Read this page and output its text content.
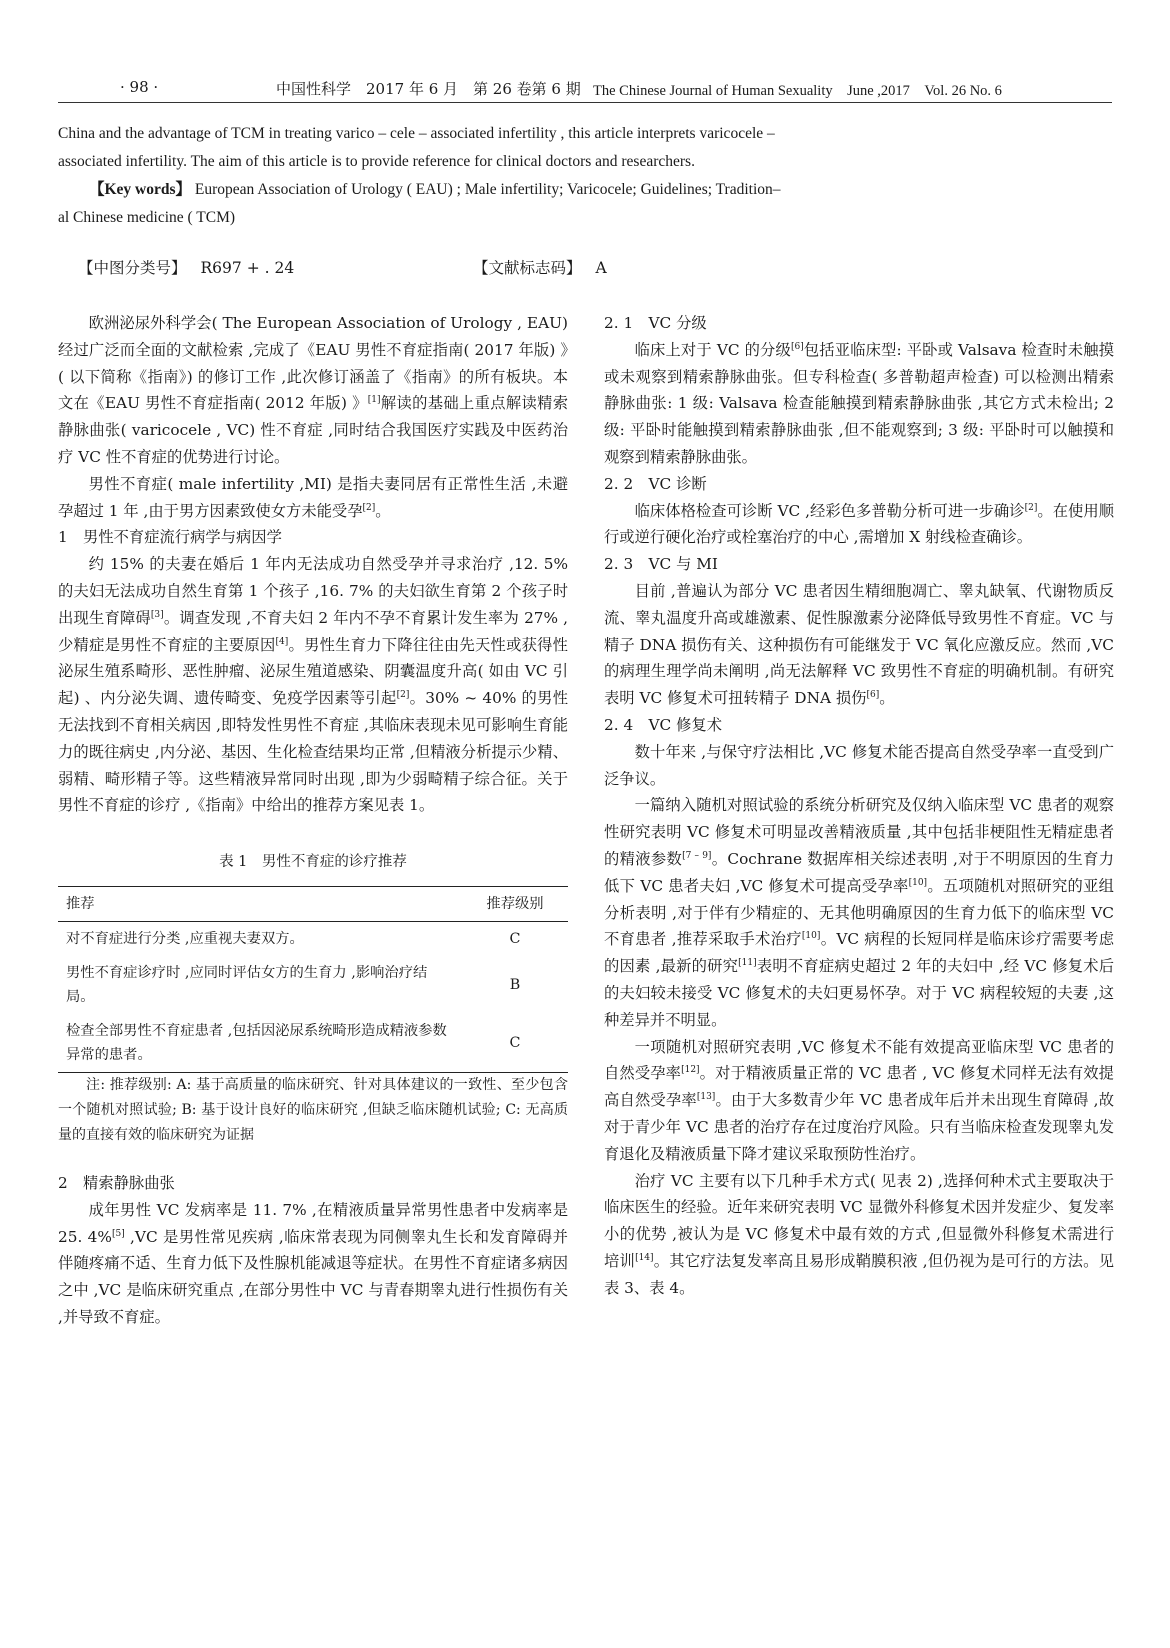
· 98 ·	中国性科学　2017 年 6 月　第 26 卷第 6 期 The Chinese Journal of Human Sexuality　June ,2017　Vol. 26 No. 6

China and the advantage of TCM in treating varico – cele – associated infertility , this article interprets varicocele –

associated infertility. The aim of this article is to provide reference for clinical doctors and researchers.

【Key words】 European Association of Urology ( EAU) ; Male infertility; Varicocele; Guidelines; Tradition–

al Chinese medicine ( TCM)

【中图分类号】 R697 + . 24	【文献标志码】 A

欧洲泌尿外科学会( The European Association of Urology , EAU) 经过广泛而全面的文献检索 ,完成了《EAU 男性不育症指南( 2017 年版) 》( 以下简称《指南》) 的修订工作 ,此次修订涵盖了《指南》的所有板块。本文在《EAU 男性不育症指南( 2012 年版) 》[1]解读的基础上重点解读精索静脉曲张( varicocele , VC) 性不育症 ,同时结合我国医疗实践及中医药治疗 VC 性不育症的优势进行讨论。

男性不育症( male infertility ,MI) 是指夫妻同居有正常性生活 ,未避孕超过 1 年 ,由于男方因素致使女方未能受孕[2]。

1　男性不育症流行病学与病因学

约 15% 的夫妻在婚后 1 年内无法成功自然受孕并寻求治疗 ,12. 5% 的夫妇无法成功自然生育第 1 个孩子 ,16. 7% 的夫妇欲生育第 2 个孩子时出现生育障碍[3]。调查发现 ,不育夫妇 2 年内不孕不育累计发生率为 27% ,少精症是男性不育症的主要原因[4]。男性生育力下降往往由先天性或获得性泌尿生殖系畸形、恶性肿瘤、泌尿生殖道感染、阴囊温度升高( 如由 VC 引起) 、内分泌失调、遗传畸变、免疫学因素等引起[2]。30% ~ 40% 的男性无法找到不育相关病因 ,即特发性男性不育症 ,其临床表现未见可影响生育能力的既往病史 ,内分泌、基因、生化检查结果均正常 ,但精液分析提示少精、弱精、畸形精子等。这些精液异常同时出现 ,即为少弱畸精子综合征。关于男性不育症的诊疗 ,《指南》中给出的推荐方案见表 1。

表 1　男性不育症的诊疗推荐
推荐	推荐级别
对不育症进行分类 ,应重视夫妻双方。	C
男性不育症诊疗时 ,应同时评估女方的生育力 ,影响治疗结局。	B
检查全部男性不育症患者 ,包括因泌尿系统畸形造成精液参数异常的患者。	C

注: 推荐级别: A: 基于高质量的临床研究、针对具体建议的一致性、至少包含一个随机对照试验; B: 基于设计良好的临床研究 ,但缺乏临床随机试验; C: 无高质量的直接有效的临床研究为证据

2　精索静脉曲张

成年男性 VC 发病率是 11. 7% ,在精液质量异常男性患者中发病率是 25. 4%[5] ,VC 是男性常见疾病 ,临床常表现为同侧睾丸生长和发育障碍并伴随疼痛不适、生育力低下及性腺机能减退等症状。在男性不育症诸多病因之中 ,VC 是临床研究重点 ,在部分男性中 VC 与青春期睾丸进行性损伤有关 ,并导致不育症。

2. 1　VC 分级

临床上对于 VC 的分级[6]包括亚临床型: 平卧或 Valsava 检查时未触摸或未观察到精索静脉曲张。但专科检查( 多普勒超声检查) 可以检测出精索静脉曲张: 1 级: Valsava 检查能触摸到精索静脉曲张 ,其它方式未检出; 2 级: 平卧时能触摸到精索静脉曲张 ,但不能观察到; 3 级: 平卧时可以触摸和观察到精索静脉曲张。

2. 2　VC 诊断

临床体格检查可诊断 VC ,经彩色多普勒分析可进一步确诊[2]。在使用顺行或逆行硬化治疗或栓塞治疗的中心 ,需增加 X 射线检查确诊。

2. 3　VC 与 MI

目前 ,普遍认为部分 VC 患者因生精细胞凋亡、睾丸缺氧、代谢物质反流、睾丸温度升高或雄激素、促性腺激素分泌降低导致男性不育症。VC 与精子 DNA 损伤有关、这种损伤有可能继发于 VC 氧化应激反应。然而 ,VC 的病理生理学尚未阐明 ,尚无法解释 VC 致男性不育症的明确机制。有研究表明 VC 修复术可扭转精子 DNA 损伤[6]。

2. 4　VC 修复术

数十年来 ,与保守疗法相比 ,VC 修复术能否提高自然受孕率一直受到广泛争议。

一篇纳入随机对照试验的系统分析研究及仅纳入临床型 VC 患者的观察性研究表明 VC 修复术可明显改善精液质量 ,其中包括非梗阻性无精症患者的精液参数[7 – 9]。Cochrane 数据库相关综述表明 ,对于不明原因的生育力低下 VC 患者夫妇 ,VC 修复术可提高受孕率[10]。五项随机对照研究的亚组分析表明 ,对于伴有少精症的、无其他明确原因的生育力低下的临床型 VC 不育患者 ,推荐采取手术治疗[10]。VC 病程的长短同样是临床诊疗需要考虑的因素 ,最新的研究[11]表明不育症病史超过 2 年的夫妇中 ,经 VC 修复术后的夫妇较未接受 VC 修复术的夫妇更易怀孕。对于 VC 病程较短的夫妻 ,这种差异并不明显。

一项随机对照研究表明 ,VC 修复术不能有效提高亚临床型 VC 患者的自然受孕率[12]。对于精液质量正常的 VC 患者 , VC 修复术同样无法有效提高自然受孕率[13]。由于大多数青少年 VC 患者成年后并未出现生育障碍 ,故对于青少年 VC 患者的治疗存在过度治疗风险。只有当临床检查发现睾丸发育退化及精液质量下降才建议采取预防性治疗。

治疗 VC 主要有以下几种手术方式( 见表 2) ,选择何种术式主要取决于临床医生的经验。近年来研究表明 VC 显微外科修复术因并发症少、复发率小的优势 ,被认为是 VC 修复术中最有效的方式 ,但显微外科修复术需进行培训[14]。其它疗法复发率高且易形成鞘膜积液 ,但仍视为是可行的方法。见表 3、表 4。
